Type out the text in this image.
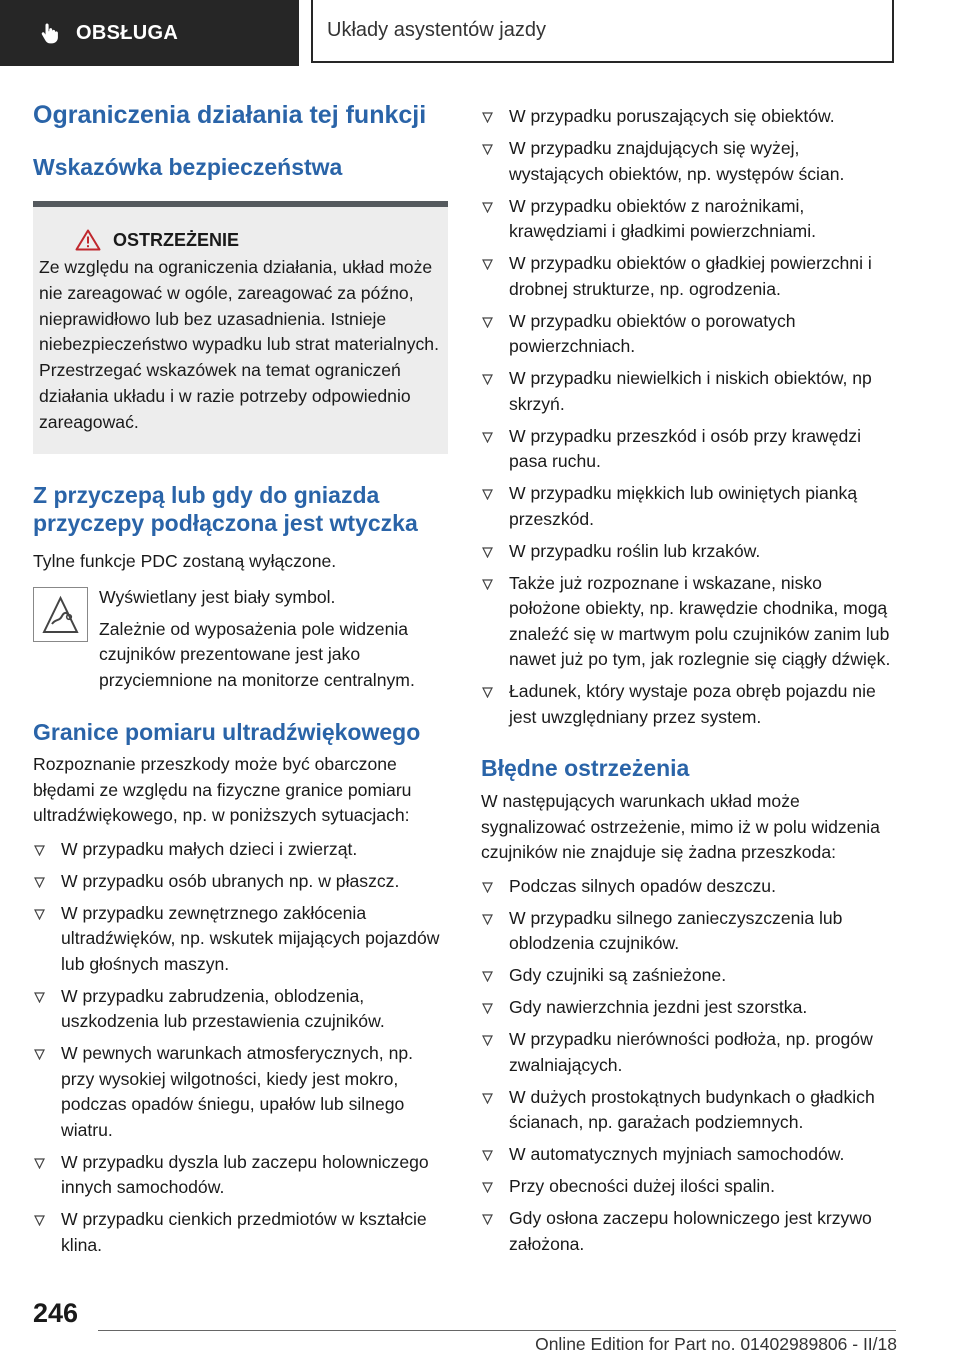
OBSŁUGA	Układy asystentów jazdy
Ograniczenia działania tej funkcji
Wskazówka bezpieczeństwa
OSTRZEŻENIE

Ze względu na ograniczenia działania, układ może nie zareagować w ogóle, zareagować za późno, nieprawidłowo lub bez uzasadnienia. Istnieje niebezpieczeństwo wypadku lub strat materialnych. Przestrzegać wskazówek na temat ograniczeń działania układu i w razie potrzeby odpowiednio zareagować.

Z przyczepą lub gdy do gniazda przyczepy podłączona jest wtyczka

Tylne funkcje PDC zostaną wyłączone.

Wyświetlany jest biały symbol.

Zależnie od wyposażenia pole widzenia czujników prezentowane jest jako przyciemnione na monitorze centralnym.

Granice pomiaru ultradźwiękowego

Rozpoznanie przeszkody może być obarczone błędami ze względu na fizyczne granice pomiaru ultradźwiękowego, np. w poniższych sytuacjach:

W przypadku małych dzieci i zwierząt.
W przypadku osób ubranych np. w płaszcz.
W przypadku zewnętrznego zakłócenia ultradźwięków, np. wskutek mijających pojazdów lub głośnych maszyn.
W przypadku zabrudzenia, oblodzenia, uszkodzenia lub przestawienia czujników.
W pewnych warunkach atmosferycznych, np. przy wysokiej wilgotności, kiedy jest mokro, podczas opadów śniegu, upałów lub silnego wiatru.
W przypadku dyszla lub zaczepu holowniczego innych samochodów.
W przypadku cienkich przedmiotów w kształcie klina.
W przypadku poruszających się obiektów.
W przypadku znajdujących się wyżej, wystających obiektów, np. występów ścian.
W przypadku obiektów z narożnikami, krawędziami i gładkimi powierzchniami.
W przypadku obiektów o gładkiej powierzchni i drobnej strukturze, np. ogrodzenia.
W przypadku obiektów o porowatych powierzchniach.
W przypadku niewielkich i niskich obiektów, np skrzyń.
W przypadku przeszkód i osób przy krawędzi pasa ruchu.
W przypadku miękkich lub owiniętych pianką przeszkód.
W przypadku roślin lub krzaków.
Także już rozpoznane i wskazane, nisko położone obiekty, np. krawędzie chodnika, mogą znaleźć się w martwym polu czujników zanim lub nawet już po tym, jak rozlegnie się ciągły dźwięk.
Ładunek, który wystaje poza obręb pojazdu nie jest uwzględniany przez system.
Błędne ostrzeżenia

W następujących warunkach układ może sygnalizować ostrzeżenie, mimo iż w polu widzenia czujników nie znajduje się żadna przeszkoda:

Podczas silnych opadów deszczu.
W przypadku silnego zanieczyszczenia lub oblodzenia czujników.
Gdy czujniki są zaśnieżone.
Gdy nawierzchnia jezdni jest szorstka.
W przypadku nierówności podłoża, np. progów zwalniających.
W dużych prostokątnych budynkach o gładkich ścianach, np. garażach podziemnych.
W automatycznych myjniach samochodów.
Przy obecności dużej ilości spalin.
Gdy osłona zaczepu holowniczego jest krzywo założona.
246
Online Edition for Part no. 01402989806 - II/18
